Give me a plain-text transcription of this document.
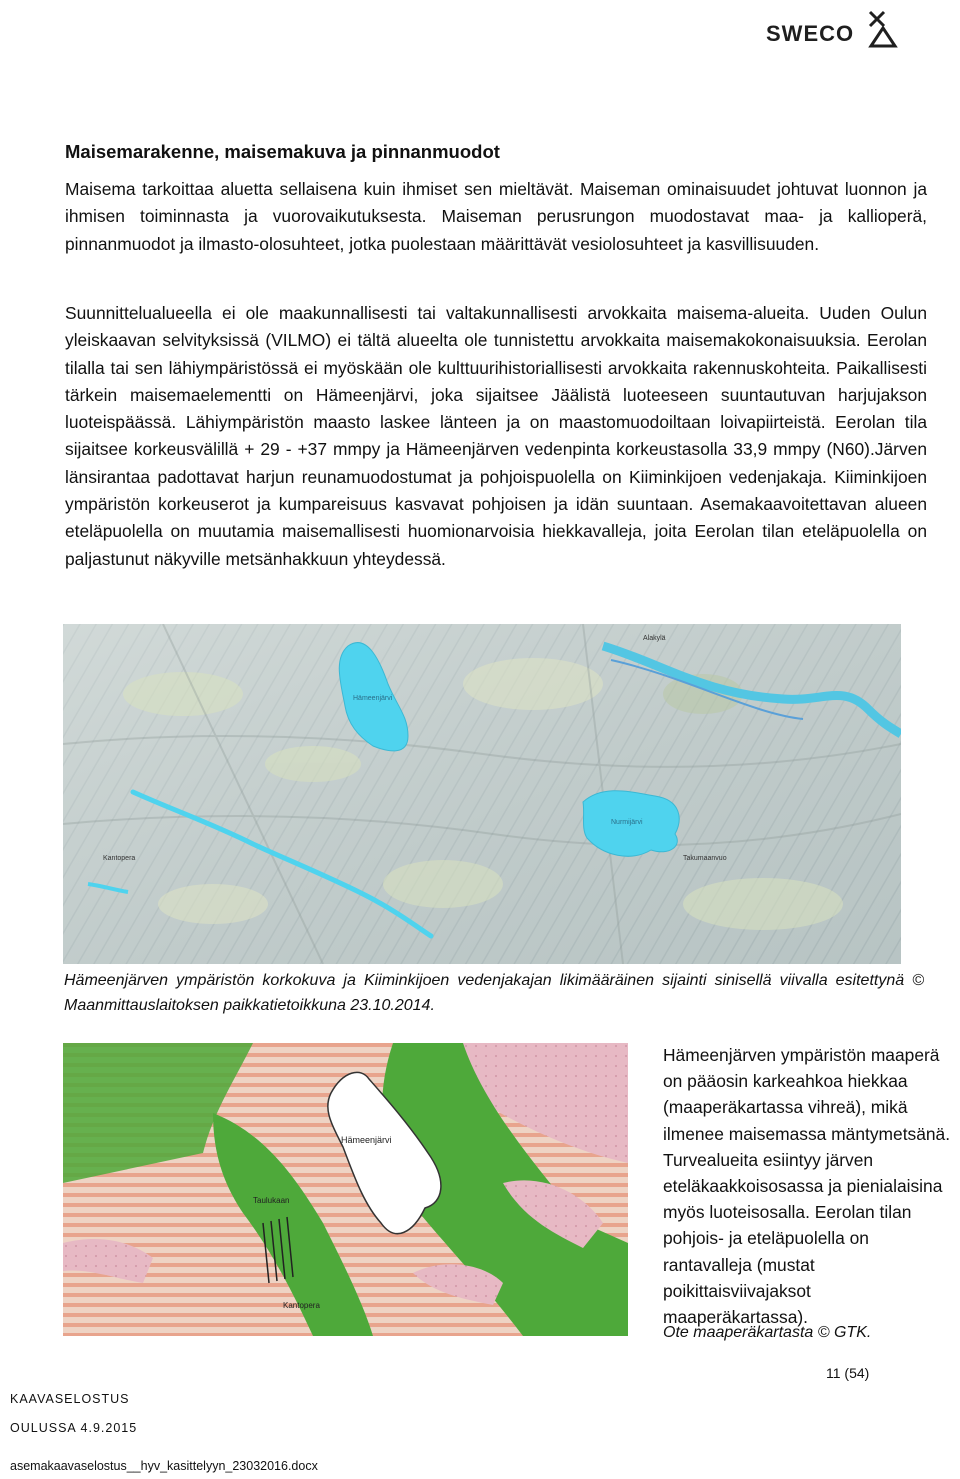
SWECO
Maisemarakenne, maisemakuva ja pinnanmuodot

Maisema tarkoittaa aluetta sellaisena kuin ihmiset sen mieltävät. Maiseman ominaisuudet johtuvat luonnon ja ihmisen toiminnasta ja vuorovaikutuksesta. Maiseman perusrungon muodostavat maa- ja kallioperä, pinnanmuodot ja ilmasto-olosuhteet, jotka puolestaan määrittävät vesiolosuhteet ja kasvillisuuden.

Suunnittelualueella ei ole maakunnallisesti tai valtakunnallisesti arvokkaita maisema-alueita. Uuden Oulun yleiskaavan selvityksissä (VILMO) ei tältä alueelta ole tunnistettu arvokkaita maisemakokonaisuuksia. Eerolan tilalla tai sen lähiympäristössä ei myöskään ole kulttuurihistoriallisesti arvokkaita rakennuskohteita. Paikallisesti tärkein maisemaelementti on Hämeenjärvi, joka sijaitsee Jäälistä luoteeseen suuntautuvan harjujakson luoteispäässä. Lähiympäristön maasto laskee länteen ja on maastomuodoiltaan loivapiirteistä. Eerolan tila sijaitsee korkeusvälillä + 29 - +37 mmpy ja Hämeenjärven vedenpinta korkeustasolla 33,9 mmpy (N60).Järven länsirantaa padottavat harjun reunamuodostumat ja pohjoispuolella on Kiiminkijoen vedenjakaja. Kiiminkijoen ympäristön korkeuserot ja kumpareisuus kasvavat pohjoisen ja idän suuntaan. Asemakaavoitettavan alueen eteläpuolella on muutamia maisemallisesti huomionarvoisia hiekkavalleja, joita Eerolan tilan eteläpuolella on paljastunut näkyville metsänhakkuun yhteydessä.

Hämeenjärvi
Nurmijärvi
Alakylä
Kantopera	Takumaanvuo

Hämeenjärven ympäristön korkokuva ja Kiiminkijoen vedenjakajan likimääräinen sijainti sinisellä viivalla esitettynä © Maanmittauslaitoksen paikkatietoikkuna 23.10.2014.

Hämeenjärvi
Kantopera
Taulukaan

Hämeenjärven ympäristön maaperä on pääosin karkeahkoa hiekkaa (maaperäkartassa vihreä), mikä ilmenee maisemassa mäntymetsänä. Turvealueita esiintyy järven eteläkaakkoisosassa ja pienialaisina myös luoteisosalla. Eerolan tilan pohjois- ja eteläpuolella on rantavalleja (mustat poikittaisviivajaksot maaperäkartassa).

Ote maaperäkartasta © GTK.
11 (54)
KAAVASELOSTUS
OULUSSA 4.9.2015
asemakaavaselostus__hyv_kasittelyyn_23032016.docx
